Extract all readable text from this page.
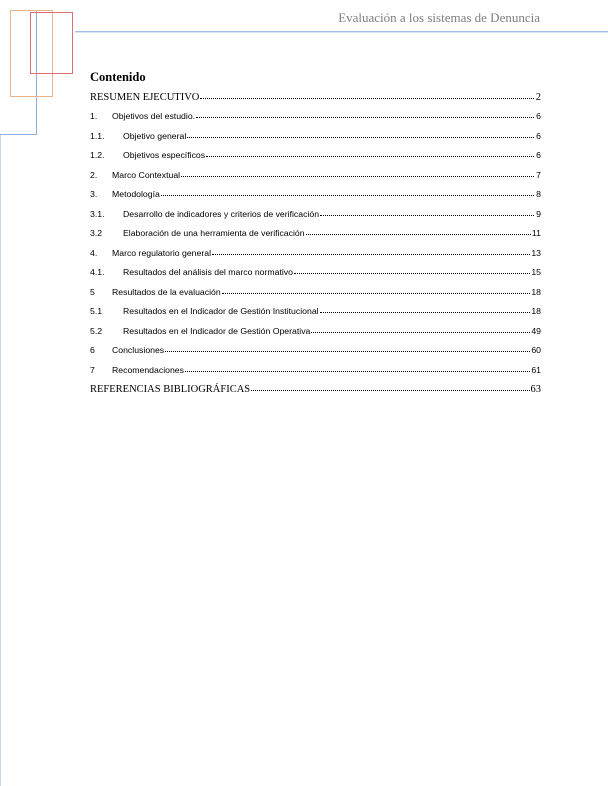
Evaluación a los sistemas de Denuncia
Contenido
RESUMEN EJECUTIVO	2
1.	Objetivos del estudio.	6
1.1.	Objetivo general	6
1.2.	Objetivos específicos	6
2.	Marco Contextual	7
3.	Metodología	8
3.1.	Desarrollo de indicadores y criterios de verificación	9
3.2	Elaboración de una herramienta de verificación	11
4.	Marco regulatorio general	13
4.1.	Resultados del análisis del marco normativo	15
5	Resultados de la evaluación	18
5.1	Resultados en el Indicador de Gestión Institucional	18
5.2	Resultados en el Indicador de Gestión Operativa	49
6	Conclusiones	60
7	Recomendaciones	61
REFERENCIAS BIBLIOGRÁFICAS	63
